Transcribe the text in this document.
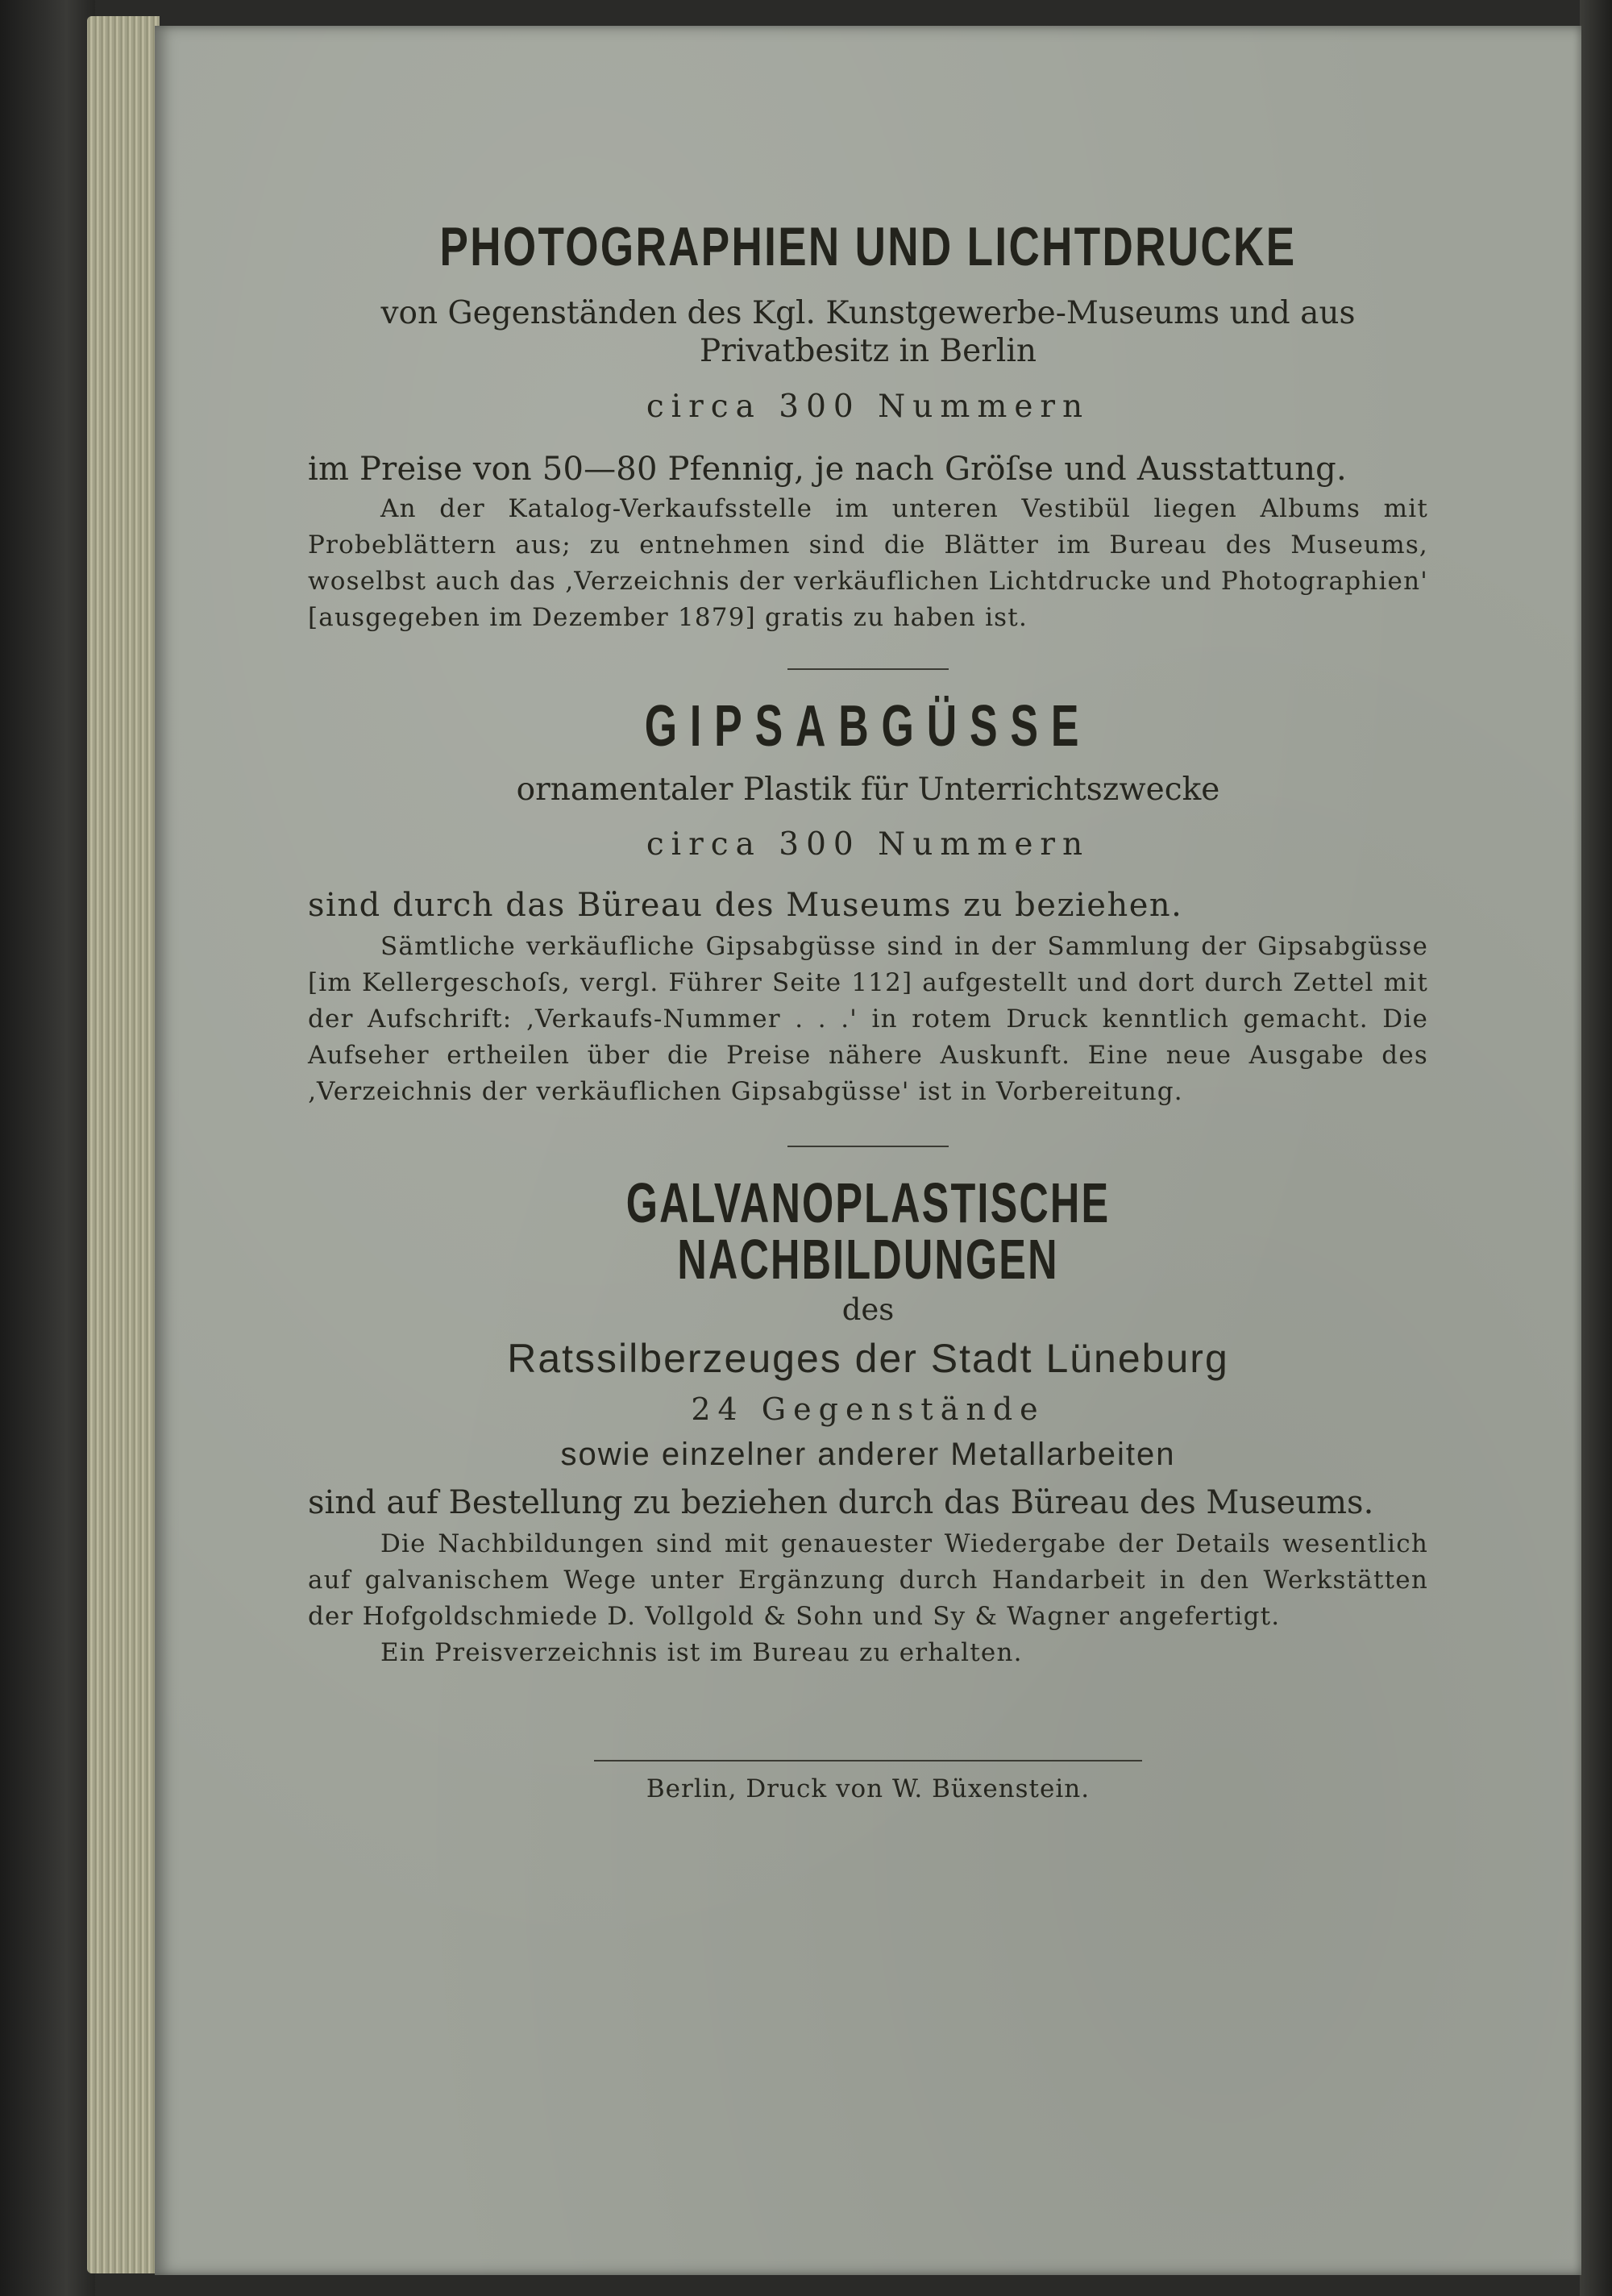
PHOTOGRAPHIEN UND LICHTDRUCKE

von Gegenständen des Kgl. Kunstgewerbe-Museums und aus

Privatbesitz in Berlin

circa 300 Nummern

im Preise von 50—80 Pfennig, je nach Gröſse und Ausstattung.

An der Katalog-Verkaufsstelle im unteren Vestibül liegen Albums mit Probeblättern aus; zu entnehmen sind die Blätter im Bureau des Museums, woselbst auch das ‚Verzeichnis der verkäuflichen Lichtdrucke und Photographien' [ausgegeben im Dezember 1879] gratis zu haben ist.

GIPSABGÜSSE

ornamentaler Plastik für Unterrichtszwecke

circa 300 Nummern

sind durch das Büreau des Museums zu beziehen.

Sämtliche verkäufliche Gipsabgüsse sind in der Sammlung der Gipsabgüsse [im Kellergeschoſs, vergl. Führer Seite 112] aufgestellt und dort durch Zettel mit der Aufschrift: ‚Verkaufs-Nummer . . .' in rotem Druck kenntlich gemacht. Die Aufseher ertheilen über die Preise nähere Auskunft. Eine neue Ausgabe des ‚Verzeichnis der verkäuflichen Gipsabgüsse' ist in Vorbereitung.

GALVANOPLASTISCHE NACHBILDUNGEN

des

Ratssilberzeuges der Stadt Lüneburg

24 Gegenstände

sowie einzelner anderer Metallarbeiten

sind auf Bestellung zu beziehen durch das Büreau des Museums.

Die Nachbildungen sind mit genauester Wiedergabe der Details wesentlich auf galvanischem Wege unter Ergänzung durch Handarbeit in den Werkstätten der Hofgoldschmiede D. Vollgold & Sohn und Sy & Wagner angefertigt.

Ein Preisverzeichnis ist im Bureau zu erhalten.

Berlin, Druck von W. Büxenstein.
